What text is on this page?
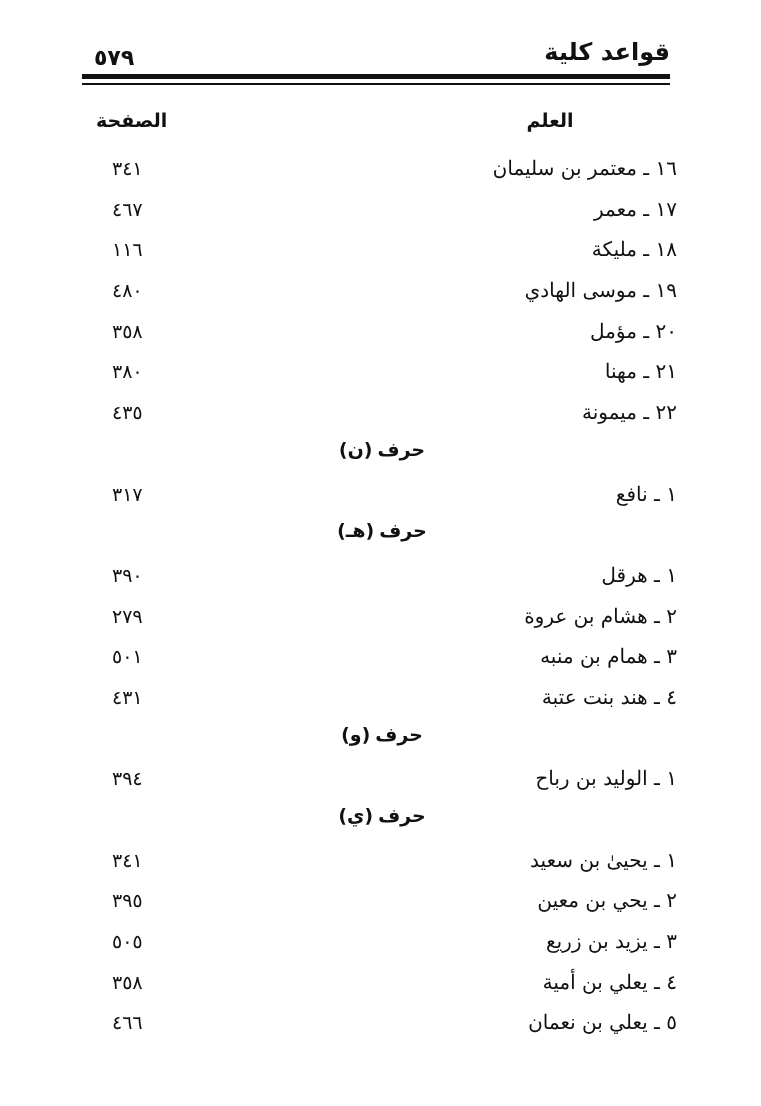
٥٧٩	قواعد كلية
العلم
الصفحة
١٦ ـ معتمر بن سليمان
٣٤١
١٧ ـ معمر
٤٦٧
١٨ ـ مليكة
١١٦
١٩ ـ موسى الهادي
٤٨٠
٢٠ ـ مؤمل
٣٥٨
٢١ ـ مهنا
٣٨٠
٢٢ ـ ميمونة
٤٣٥
حرف(ن)
١ ـ نافع
٣١٧
حرف(هـ)
١ ـ هرقل
٣٩٠
٢ ـ هشام بن عروة
٢٧٩
٣ ـ همام بن منبه
٥٠١
٤ ـ هند بنت عتبة
٤٣١
حرف(و)
١ ـ الوليد بن رباح
٣٩٤
حرف(ي)
١ ـ يحيىٰ بن سعيد
٣٤١
٢ ـ يحي بن معين
٣٩٥
٣ ـ يزيد بن زريع
٥٠٥
٤ ـ يعلي بن أمية
٣٥٨
٥ ـ يعلي بن نعمان
٤٦٦
